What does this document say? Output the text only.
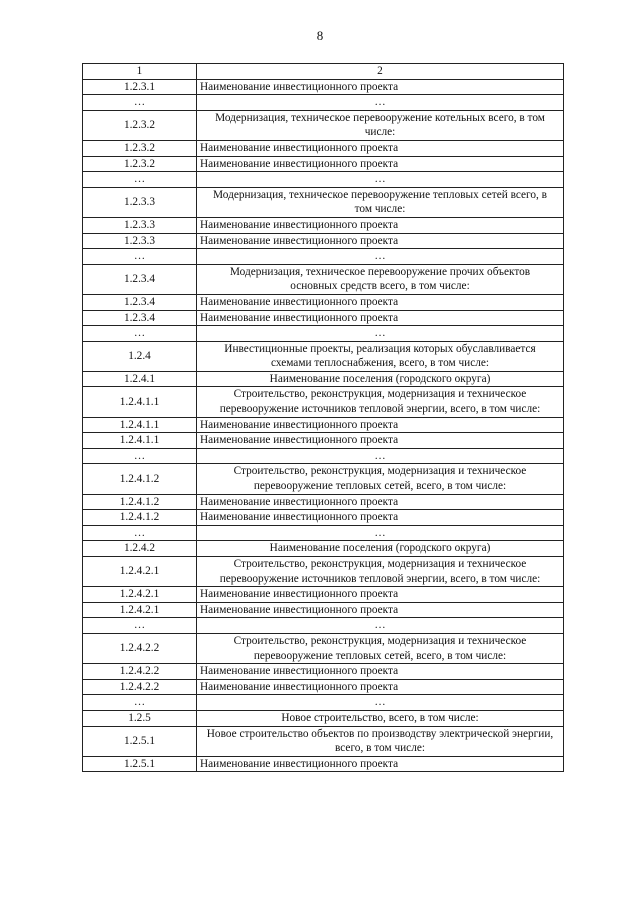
8
1	2
1.2.3.1	Наименование инвестиционного проекта
…	…
1.2.3.2	Модернизация, техническое перевооружение котельных всего, в том числе:
1.2.3.2	Наименование инвестиционного проекта
1.2.3.2	Наименование инвестиционного проекта
…	…
1.2.3.3	Модернизация, техническое перевооружение тепловых сетей всего, в том числе:
1.2.3.3	Наименование инвестиционного проекта
1.2.3.3	Наименование инвестиционного проекта
…	…
1.2.3.4	Модернизация, техническое перевооружение прочих объектов основных средств всего, в том числе:
1.2.3.4	Наименование инвестиционного проекта
1.2.3.4	Наименование инвестиционного проекта
…	…
1.2.4	Инвестиционные проекты, реализация которых обуславливается схемами теплоснабжения, всего, в том числе:
1.2.4.1	Наименование поселения (городского округа)
1.2.4.1.1	Строительство, реконструкция, модернизация и техническое перевооружение источников тепловой энергии, всего, в том числе:
1.2.4.1.1	Наименование инвестиционного проекта
1.2.4.1.1	Наименование инвестиционного проекта
…	…
1.2.4.1.2	Строительство, реконструкция, модернизация и техническое перевооружение тепловых сетей, всего, в том числе:
1.2.4.1.2	Наименование инвестиционного проекта
1.2.4.1.2	Наименование инвестиционного проекта
…	…
1.2.4.2	Наименование поселения (городского округа)
1.2.4.2.1	Строительство, реконструкция, модернизация и техническое перевооружение источников тепловой энергии, всего, в том числе:
1.2.4.2.1	Наименование инвестиционного проекта
1.2.4.2.1	Наименование инвестиционного проекта
…	…
1.2.4.2.2	Строительство, реконструкция, модернизация и техническое перевооружение тепловых сетей, всего, в том числе:
1.2.4.2.2	Наименование инвестиционного проекта
1.2.4.2.2	Наименование инвестиционного проекта
…	…
1.2.5	Новое строительство, всего, в том числе:
1.2.5.1	Новое строительство объектов по производству электрической энергии, всего, в том числе:
1.2.5.1	Наименование инвестиционного проекта
